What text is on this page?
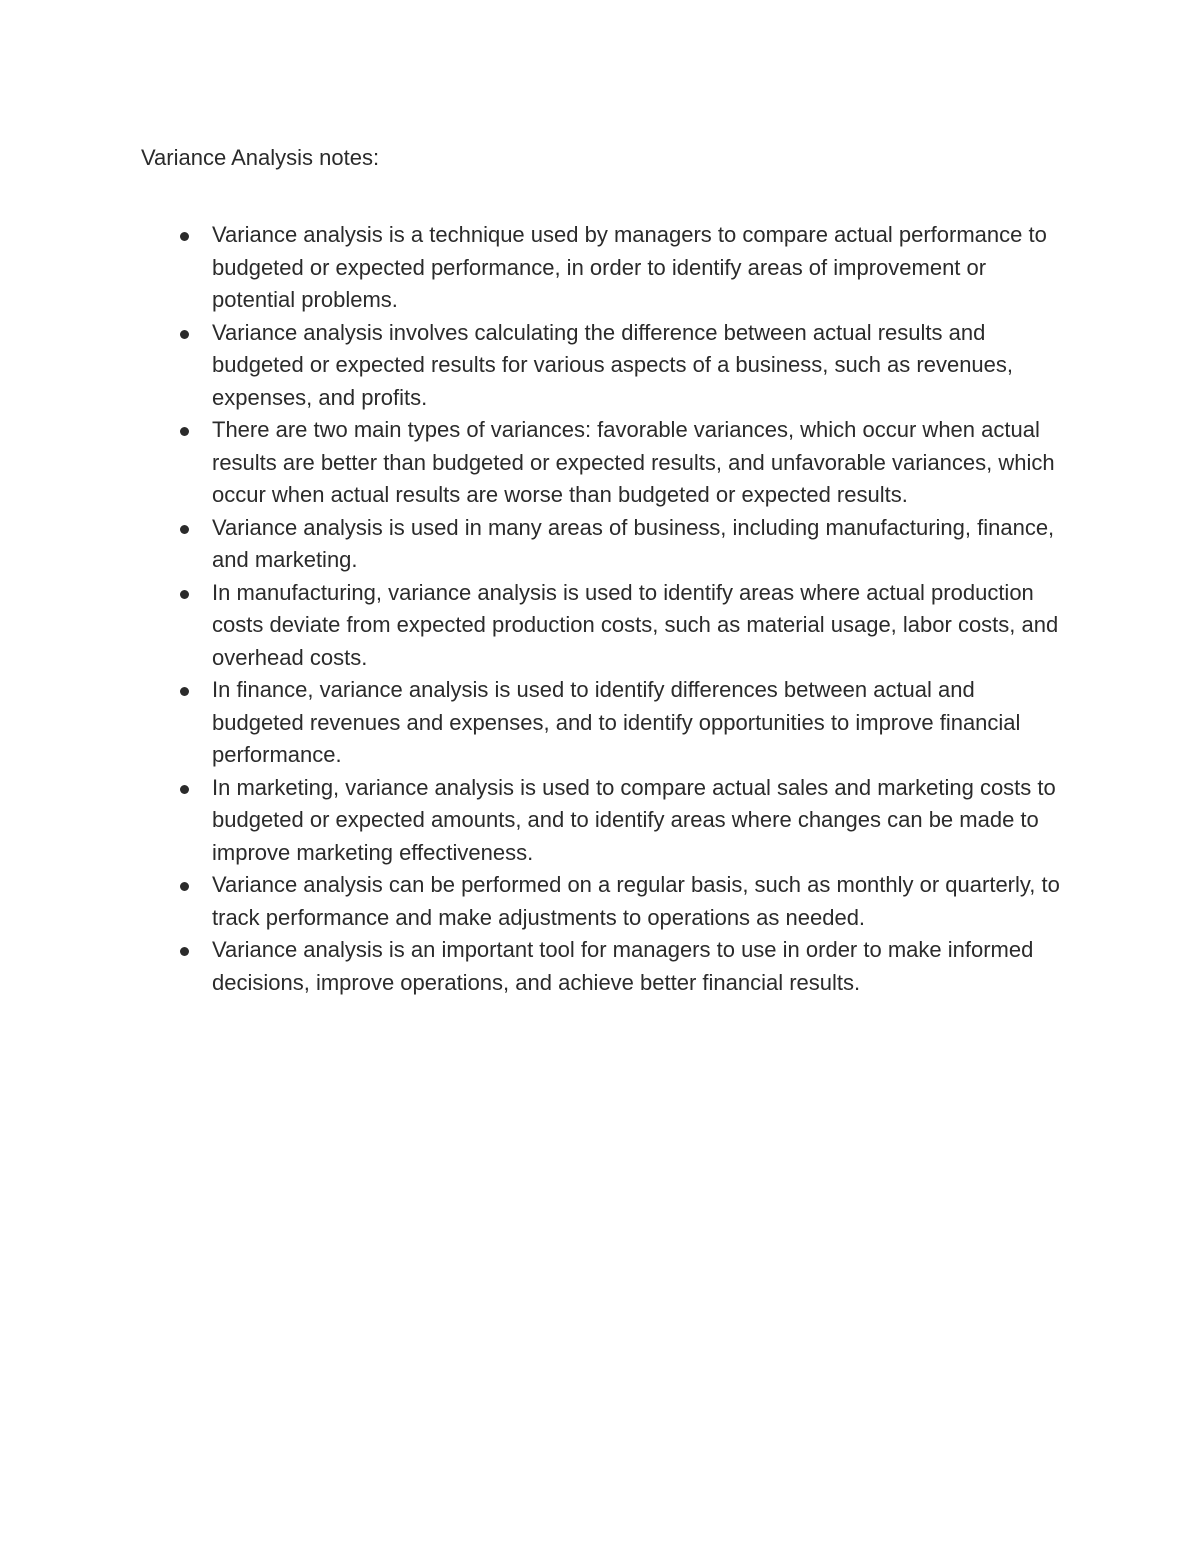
Variance Analysis notes:
Variance analysis is a technique used by managers to compare actual performance to budgeted or expected performance, in order to identify areas of improvement or potential problems.
Variance analysis involves calculating the difference between actual results and budgeted or expected results for various aspects of a business, such as revenues, expenses, and profits.
There are two main types of variances: favorable variances, which occur when actual results are better than budgeted or expected results, and unfavorable variances, which occur when actual results are worse than budgeted or expected results.
Variance analysis is used in many areas of business, including manufacturing, finance, and marketing.
In manufacturing, variance analysis is used to identify areas where actual production costs deviate from expected production costs, such as material usage, labor costs, and overhead costs.
In finance, variance analysis is used to identify differences between actual and budgeted revenues and expenses, and to identify opportunities to improve financial performance.
In marketing, variance analysis is used to compare actual sales and marketing costs to budgeted or expected amounts, and to identify areas where changes can be made to improve marketing effectiveness.
Variance analysis can be performed on a regular basis, such as monthly or quarterly, to track performance and make adjustments to operations as needed.
Variance analysis is an important tool for managers to use in order to make informed decisions, improve operations, and achieve better financial results.
